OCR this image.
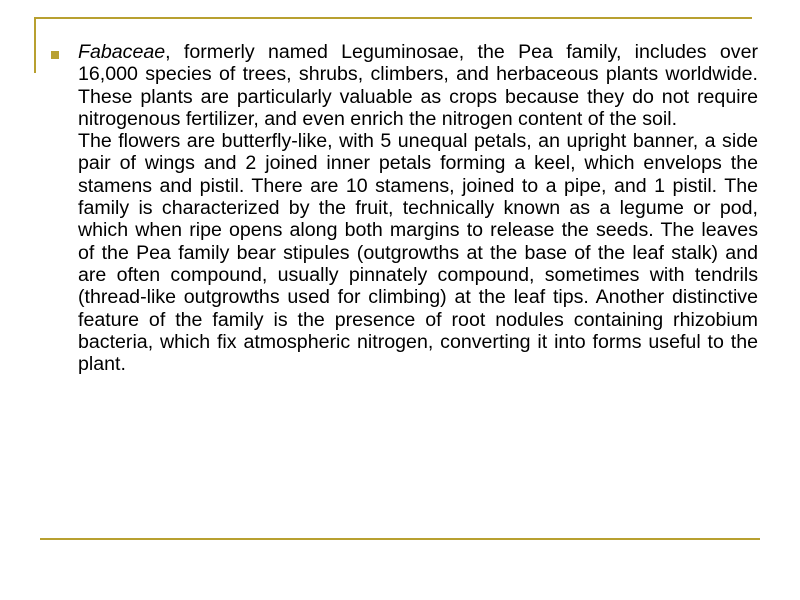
Fabaceae, formerly named Leguminosae, the Pea family, includes over 16,000 species of trees, shrubs, climbers, and herbaceous plants worldwide. These plants are particularly valuable as crops because they do not require nitrogenous fertilizer, and even enrich the nitrogen content of the soil.

The flowers are butterfly-like, with 5 unequal petals, an upright banner, a side pair of wings and 2 joined inner petals forming a keel, which envelops the stamens and pistil. There are 10 stamens, joined to a pipe, and 1 pistil. The family is characterized by the fruit, technically known as a legume or pod, which when ripe opens along both margins to release the seeds. The leaves of the Pea family bear stipules (outgrowths at the base of the leaf stalk) and are often compound, usually pinnately compound, sometimes with tendrils (thread-like outgrowths used for climbing) at the leaf tips. Another distinctive feature of the family is the presence of root nodules containing rhizobium bacteria, which fix atmospheric nitrogen, converting it into forms useful to the plant.
